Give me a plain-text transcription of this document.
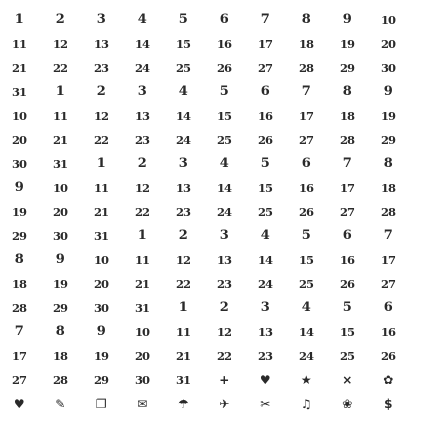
1	2	3	4	5	6	7	8	9	10
11	12	13	14	15	16	17	18	19	20
21	22	23	24	25	26	27	28	29	30
31	1	2	3	4	5	6	7	8	9
10	11	12	13	14	15	16	17	18	19
20	21	22	23	24	25	26	27	28	29
30	31	1	2	3	4	5	6	7	8
9	10	11	12	13	14	15	16	17	18
19	20	21	22	23	24	25	26	27	28
29	30	31	1	2	3	4	5	6	7
8	9	10	11	12	13	14	15	16	17
18	19	20	21	22	23	24	25	26	27
28	29	30	31	1	2	3	4	5	6
7	8	9	10	11	12	13	14	15	16
17	18	19	20	21	22	23	24	25	26
27	28	29	30	31	+	♥	★	×	✿
♥	✎	❐	✉	☂	✈	✂	♫	❀	$
